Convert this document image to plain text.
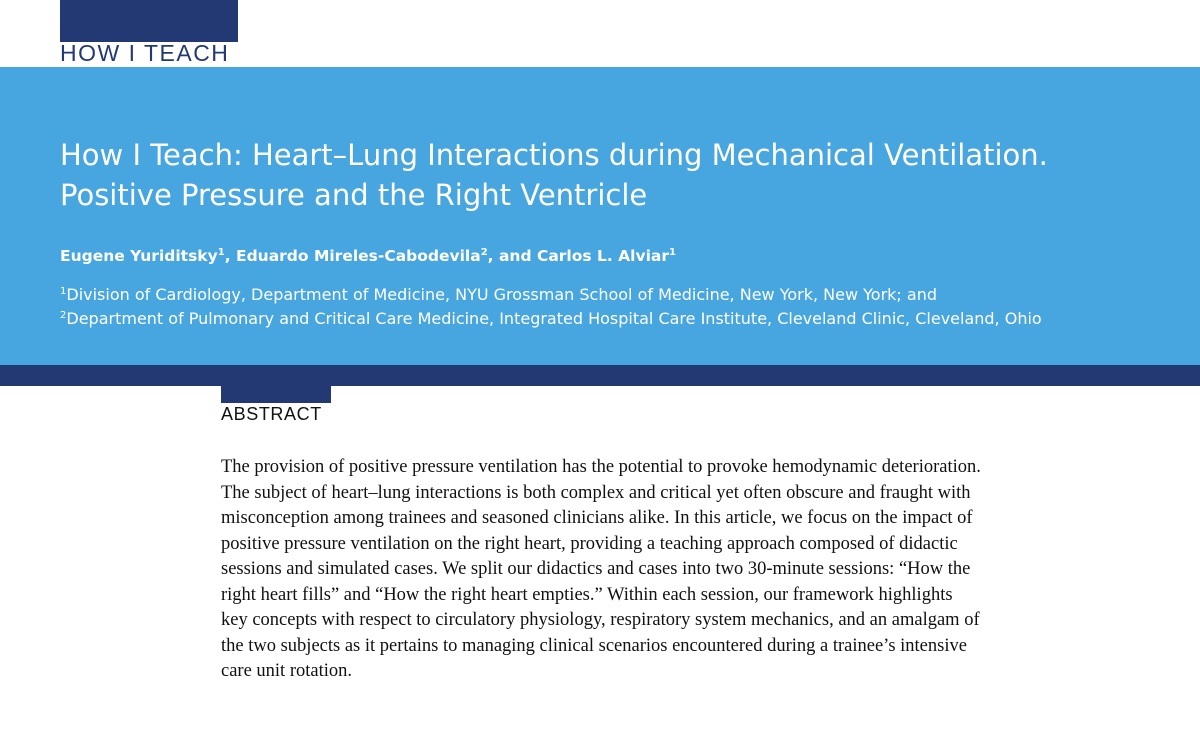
HOW I TEACH
How I Teach: Heart–Lung Interactions during Mechanical Ventilation. Positive Pressure and the Right Ventricle
Eugene Yuriditsky$^1$, Eduardo Mireles-Cabodevila$^2$, and Carlos L. Alviar$^1$

$^1$Division of Cardiology, Department of Medicine, NYU Grossman School of Medicine, New York, New York; and

$^2$Department of Pulmonary and Critical Care Medicine, Integrated Hospital Care Institute, Cleveland Clinic, Cleveland, Ohio

ABSTRACT

The provision of positive pressure ventilation has the potential to provoke hemodynamic deterioration. The subject of heart–lung interactions is both complex and critical yet often obscure and fraught with misconception among trainees and seasoned clinicians alike. In this article, we focus on the impact of positive pressure ventilation on the right heart, providing a teaching approach composed of didactic sessions and simulated cases. We split our didactics and cases into two 30-minute sessions: “How the right heart fills” and “How the right heart empties.” Within each session, our framework highlights key concepts with respect to circulatory physiology, respiratory system mechanics, and an amalgam of the two subjects as it pertains to managing clinical scenarios encountered during a trainee’s intensive care unit rotation.
